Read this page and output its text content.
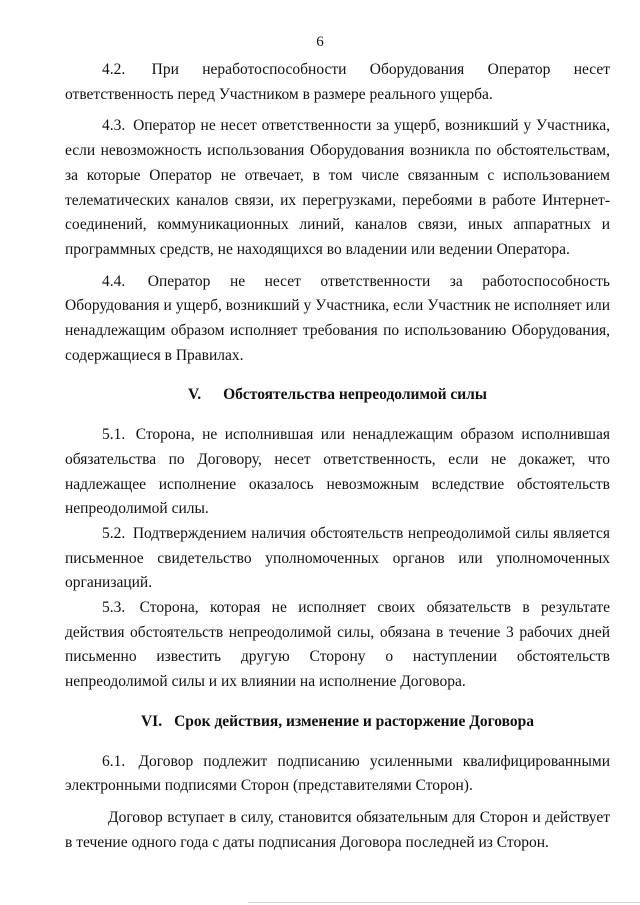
6

4.2. При неработоспособности Оборудования Оператор несет ответственность перед Участником в размере реального ущерба.

4.3. Оператор не несет ответственности за ущерб, возникший у Участника, если невозможность использования Оборудования возникла по обстоятельствам, за которые Оператор не отвечает, в том числе связанным с использованием телематических каналов связи, их перегрузками, перебоями в работе Интернет-соединений, коммуникационных линий, каналов связи, иных аппаратных и программных средств, не находящихся во владении или ведении Оператора.

4.4. Оператор не несет ответственности за работоспособность Оборудования и ущерб, возникший у Участника, если Участник не исполняет или ненадлежащим образом исполняет требования по использованию Оборудования, содержащиеся в Правилах.

V. Обстоятельства непреодолимой силы

5.1. Сторона, не исполнившая или ненадлежащим образом исполнившая обязательства по Договору, несет ответственность, если не докажет, что надлежащее исполнение оказалось невозможным вследствие обстоятельств непреодолимой силы.

5.2. Подтверждением наличия обстоятельств непреодолимой силы является письменное свидетельство уполномоченных органов или уполномоченных организаций.

5.3. Сторона, которая не исполняет своих обязательств в результате действия обстоятельств непреодолимой силы, обязана в течение 3 рабочих дней письменно известить другую Сторону о наступлении обстоятельств непреодолимой силы и их влиянии на исполнение Договора.

VI. Срок действия, изменение и расторжение Договора

6.1. Договор подлежит подписанию усиленными квалифицированными электронными подписями Сторон (представителями Сторон).

Договор вступает в силу, становится обязательным для Сторон и действует в течение одного года с даты подписания Договора последней из Сторон.
